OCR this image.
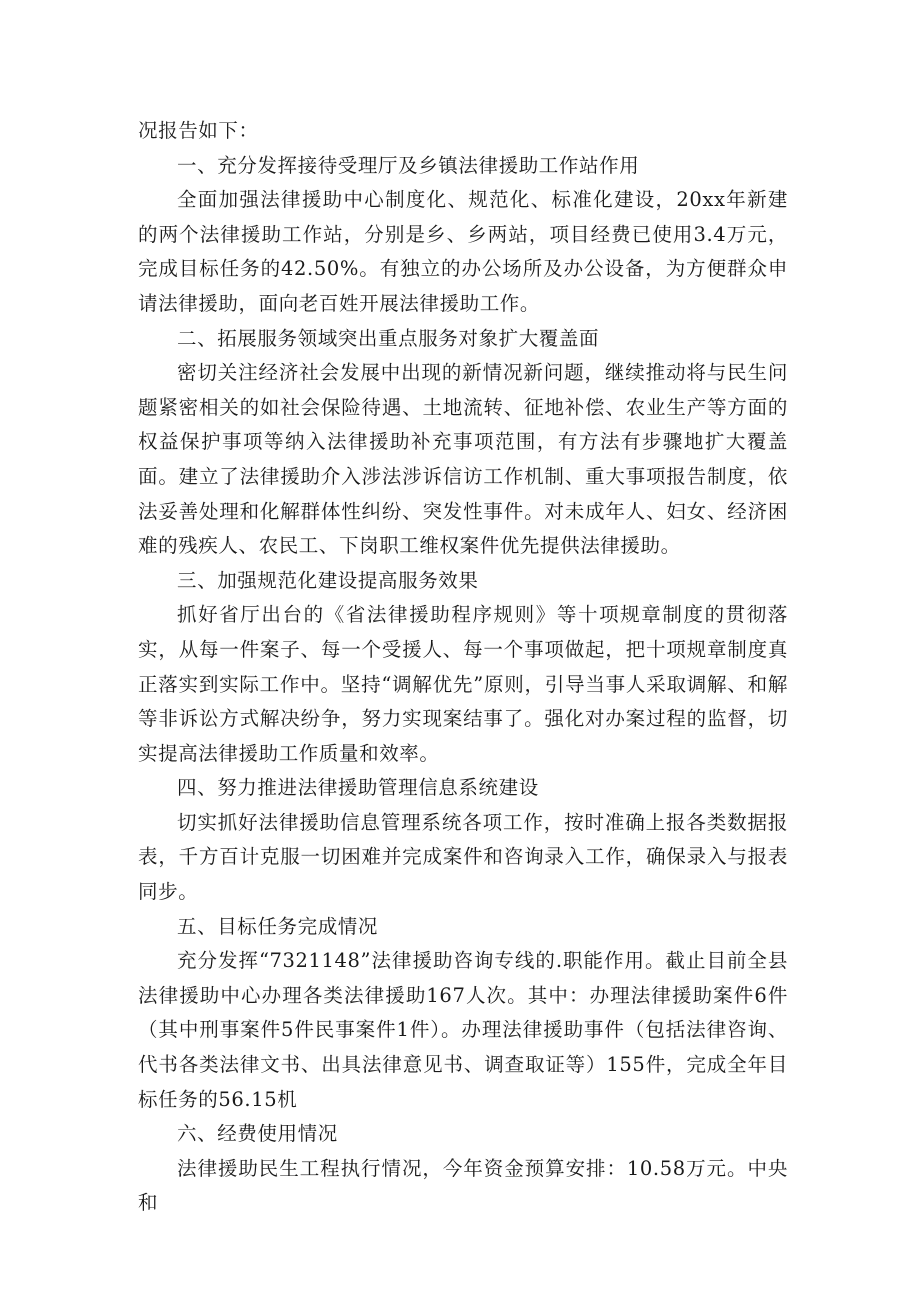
况报告如下：

一、充分发挥接待受理厅及乡镇法律援助工作站作用

全面加强法律援助中心制度化、规范化、标准化建设，20xx年新建的两个法律援助工作站，分别是乡、乡两站，项目经费已使用3.4万元，完成目标任务的42.50%。有独立的办公场所及办公设备，为方便群众申请法律援助，面向老百姓开展法律援助工作。

二、拓展服务领域突出重点服务对象扩大覆盖面

密切关注经济社会发展中出现的新情况新问题，继续推动将与民生问题紧密相关的如社会保险待遇、土地流转、征地补偿、农业生产等方面的权益保护事项等纳入法律援助补充事项范围，有方法有步骤地扩大覆盖面。建立了法律援助介入涉法涉诉信访工作机制、重大事项报告制度，依法妥善处理和化解群体性纠纷、突发性事件。对未成年人、妇女、经济困难的残疾人、农民工、下岗职工维权案件优先提供法律援助。

三、加强规范化建设提高服务效果

抓好省厅出台的《省法律援助程序规则》等十项规章制度的贯彻落实，从每一件案子、每一个受援人、每一个事项做起，把十项规章制度真正落实到实际工作中。坚持“调解优先”原则，引导当事人采取调解、和解等非诉讼方式解决纷争，努力实现案结事了。强化对办案过程的监督，切实提高法律援助工作质量和效率。

四、努力推进法律援助管理信息系统建设

切实抓好法律援助信息管理系统各项工作，按时准确上报各类数据报表，千方百计克服一切困难并完成案件和咨询录入工作，确保录入与报表同步。

五、目标任务完成情况

充分发挥“7321148”法律援助咨询专线的.职能作用。截止目前全县法律援助中心办理各类法律援助167人次。其中：办理法律援助案件6件（其中刑事案件5件民事案件1件）。办理法律援助事件（包括法律咨询、代书各类法律文书、出具法律意见书、调查取证等）155件，完成全年目标任务的56.15机

六、经费使用情况

法律援助民生工程执行情况，今年资金预算安排：10.58万元。中央和
